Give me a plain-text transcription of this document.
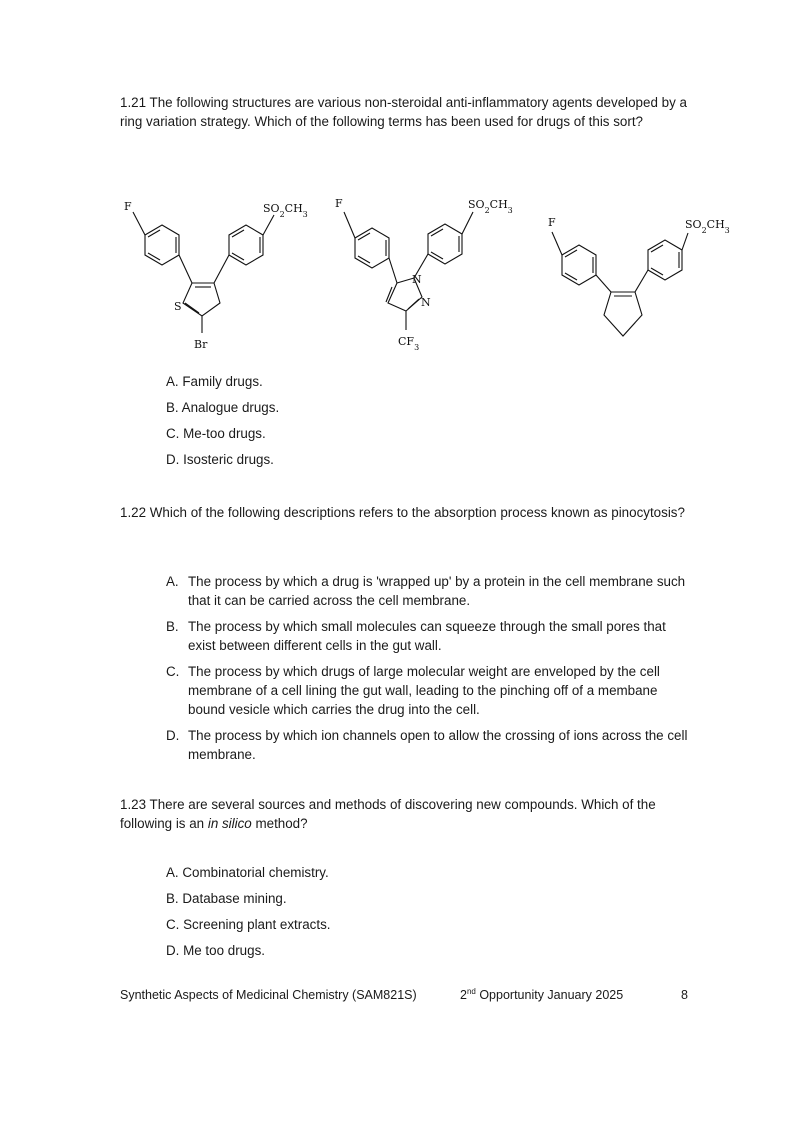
1.21 The following structures are various non-steroidal anti-inflammatory agents developed by a ring variation strategy. Which of the following terms has been used for drugs of this sort?
F	$SO_2CH_3$
S
Br
F	$SO_2CH_3$
N
N
$CF_3$
F	$SO_2CH_3$
A. Family drugs.
B. Analogue drugs.
C. Me-too drugs.
D. Isosteric drugs.
1.22 Which of the following descriptions refers to the absorption process known as pinocytosis?
A. The process by which a drug is 'wrapped up' by a protein in the cell membrane such that it can be carried across the cell membrane.
B. The process by which small molecules can squeeze through the small pores that exist between different cells in the gut wall.
C. The process by which drugs of large molecular weight are enveloped by the cell membrane of a cell lining the gut wall, leading to the pinching off of a membane bound vesicle which carries the drug into the cell.
D. The process by which ion channels open to allow the crossing of ions across the cell membrane.
1.23 There are several sources and methods of discovering new compounds. Which of the following is an in silico method?
A. Combinatorial chemistry.
B. Database mining.
C. Screening plant extracts.
D. Me too drugs.
Synthetic Aspects of Medicinal Chemistry (SAM821S)	2nd Opportunity January 2025	8
